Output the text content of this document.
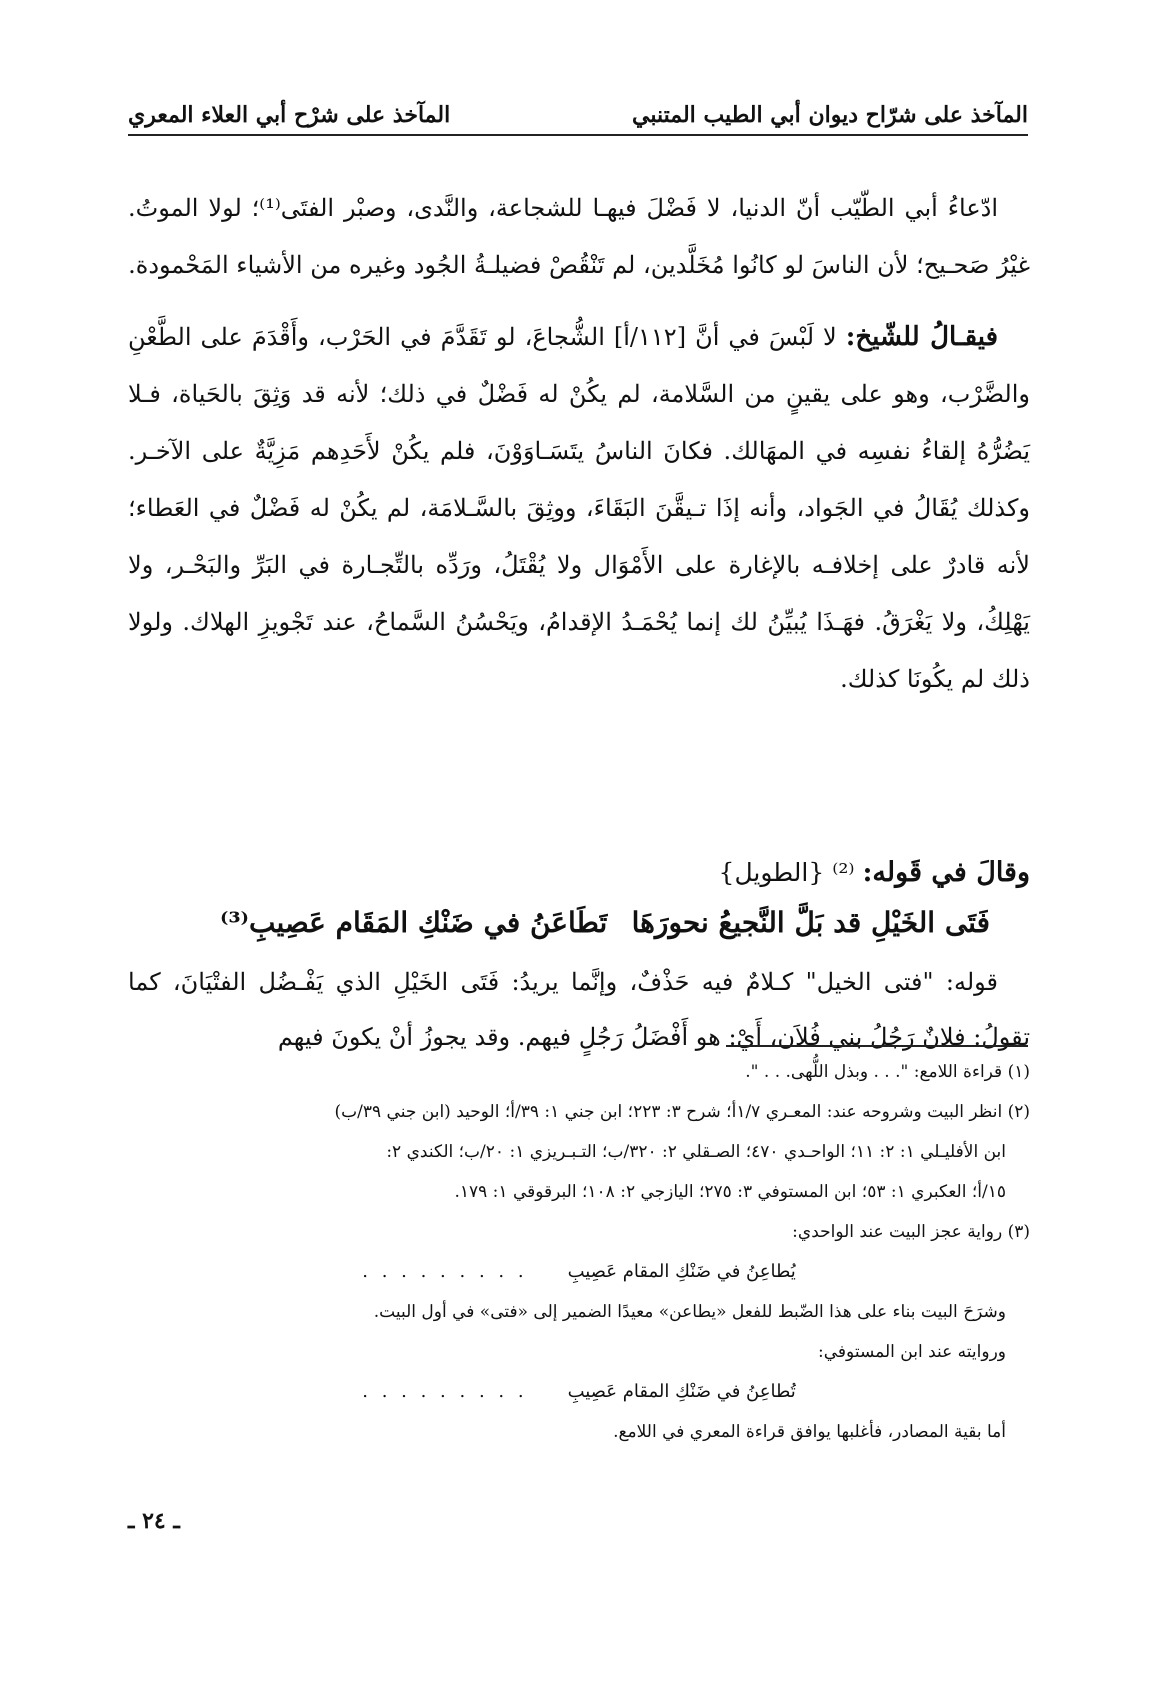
المآخذ على شرّاح ديوان أبي الطيب المتنبي
المآخذ على شرْح أبي العلاء المعري

ادّعاءُ أبي الطّيّب أنّ الدنيا، لا فَضْلَ فيهـا للشجاعة، والنَّدى، وصبْر الفتَى⁽¹⁾؛ لولا الموتُ. غيْرُ صَحـيح؛ لأن الناسَ لو كانُوا مُخَلَّدين، لم تَنْقُصْ فضيلـةُ الجُود وغيره من الأشياء المَحْمودة.

فيقـالُ للشّيخ: لا لَبْسَ في أنَّ [١١٢/أ] الشُّجاعَ، لو تَقَدَّمَ في الحَرْب، وأَقْدَمَ على الطَّعْنِ والضَّرْب، وهو على يقينٍ من السَّلامة، لم يكُنْ له فَضْلٌ في ذلك؛ لأنه قد وَثِقَ بالحَياة، فـلا يَضُرُّهُ إلقاءُ نفسِه في المهَالك. فكانَ الناسُ يتَسَـاوَوْنَ، فلم يكُنْ لأَحَدِهم مَزِيَّةٌ على الآخـر. وكذلك يُقَالُ في الجَواد، وأنه إذَا تـيقَّنَ البَقَاءَ، ووثِقَ بالسَّـلامَة، لم يكُنْ له فَضْلٌ في العَطاء؛ لأنه قادرٌ على إخلافـه بالإغارة على الأَمْوَال ولا يُقْتَلُ، ورَدِّه بالتِّجـارة في البَرِّ والبَحْـر، ولا يَهْلِكُ، ولا يَغْرَقُ. فهَـذَا يُبيِّنُ لك إنما يُحْمَـدُ الإقدامُ، ويَحْسُنُ السَّماحُ، عند تَجْويزِ الهلاك. ولولا ذلك لم يكُونَا كذلك.

وقالَ في قَوله: ⁽²⁾ {الطويل}
فَتَى الخَيْلِ قد بَلَّ النَّجيعُ نحورَهَا
تَطَاعَنُ في ضَنْكِ المَقَام عَصِيبِ⁽³⁾

قوله: "فتى الخيل" كـلامٌ فيه حَذْفٌ، وإنَّما يريدُ: فَتَى الخَيْلِ الذي يَفْـضُل الفتْيَانَ، كما تقولُ: فلانٌ رَجُلُ بني فُلاَن، أَيْ: هو أَفْضَلُ رَجُلٍ فيهم. وقد يجوزُ أنْ يكونَ فيهم

(١) قراءة اللامع: ". . . وبذل اللُّهى. . . ".

(٢) انظر البيت وشروحه عند: المعـري ١/٧أ؛ شرح ٣: ٢٢٣؛ ابن جني ١: ٣٩/أ؛ الوحيد (ابن جني ٣٩/ب)

ابن الأفليـلي ١: ٢: ١١؛ الواحـدي ٤٧٠؛ الصـقلي ٢: ٣٢٠/ب؛ التـبـريزي ١: ٢٠/ب؛ الكندي ٢:

١٥/أ؛ العكبري ١: ٥٣؛ ابن المستوفي ٣: ٢٧٥؛ اليازجي ٢: ١٠٨؛ البرقوقي ١: ١٧٩.

(٣) رواية عجز البيت عند الواحدي:

يُطاعِنُ في ضَنْكِ المقام عَصِيبِ
. . . . . . . . .

وشرَحَ البيت بناء على هذا الضّبط للفعل «يطاعن» معيدًا الضمير إلى «فتى» في أول البيت.

وروايته عند ابن المستوفي:

تُطاعِنُ في ضَنْكِ المقام عَصِيبِ
. . . . . . . . .

أما بقية المصادر، فأغلبها يوافق قراءة المعري في اللامع.

ـ ٢٤ ـ
